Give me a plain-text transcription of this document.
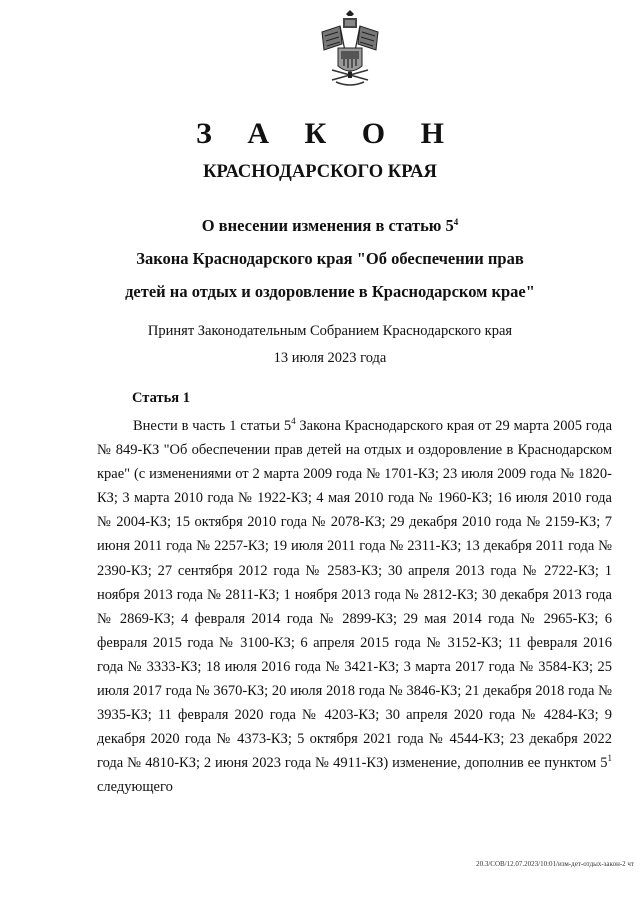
З А К О Н
КРАСНОДАРСКОГО КРАЯ
О внесении изменения в статью $5^4$
Закона Краснодарского края "Об обеспечении прав
детей на отдых и оздоровление в Краснодарском крае"
Принят Законодательным Собранием Краснодарского края
13 июля 2023 года
Статья 1
Внести в часть 1 статьи $5^4$ Закона Краснодарского края от 29 марта 2005 года № 849-КЗ "Об обеспечении прав детей на отдых и оздоровление в Краснодарском крае" (с изменениями от 2 марта 2009 года № 1701-КЗ; 23 июля 2009 года № 1820-КЗ; 3 марта 2010 года № 1922-КЗ; 4 мая 2010 года № 1960-КЗ; 16 июля 2010 года № 2004-КЗ; 15 октября 2010 года № 2078-КЗ; 29 декабря 2010 года № 2159-КЗ; 7 июня 2011 года № 2257-КЗ; 19 июля 2011 года № 2311-КЗ; 13 декабря 2011 года № 2390-КЗ; 27 сентября 2012 года № 2583-КЗ; 30 апреля 2013 года № 2722-КЗ; 1 ноября 2013 года № 2811-КЗ; 1 ноября 2013 года № 2812-КЗ; 30 декабря 2013 года № 2869-КЗ; 4 февраля 2014 года № 2899-КЗ; 29 мая 2014 года № 2965-КЗ; 6 февраля 2015 года № 3100-КЗ; 6 апреля 2015 года № 3152-КЗ; 11 февраля 2016 года № 3333-КЗ; 18 июля 2016 года № 3421-КЗ; 3 марта 2017 года № 3584-КЗ; 25 июля 2017 года № 3670-КЗ; 20 июля 2018 года № 3846-КЗ; 21 декабря 2018 года № 3935-КЗ; 11 февраля 2020 года № 4203-КЗ; 30 апреля 2020 года № 4284-КЗ; 9 декабря 2020 года № 4373-КЗ; 5 октября 2021 года № 4544-КЗ; 23 декабря 2022 года № 4810-КЗ; 2 июня 2023 года № 4911-КЗ) изменение, дополнив ее пунктом $5^1$ следующего
20.3/СОВ/12.07.2023/10:01/изм-дет-отдых-закон-2 чт
